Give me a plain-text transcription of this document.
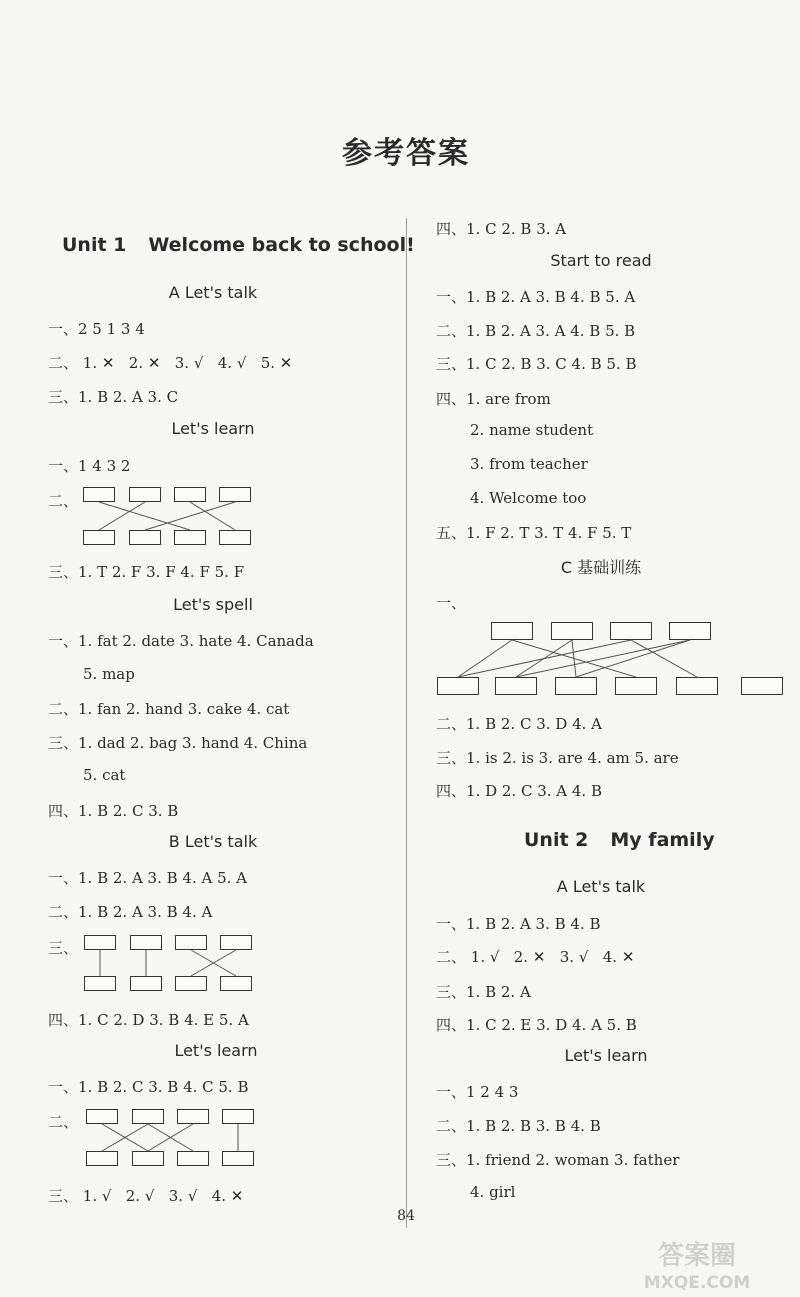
参考答案
Unit 1 Welcome back to school!
A Let's talk
一、2 5 1 3 4
二、 1. ✕ 2. ✕ 3. √ 4. √ 5. ✕
三、1. B 2. A 3. C
Let's learn
一、1 4 3 2
二、
三、1. T 2. F 3. F 4. F 5. F
Let's spell
一、1. fat 2. date 3. hate 4. Canada
5. map
二、1. fan 2. hand 3. cake 4. cat
三、1. dad 2. bag 3. hand 4. China
5. cat
四、1. B 2. C 3. B
B Let's talk
一、1. B 2. A 3. B 4. A 5. A
二、1. B 2. A 3. B 4. A
三、
四、1. C 2. D 3. B 4. E 5. A
Let's learn
一、1. B 2. C 3. B 4. C 5. B
二、
三、 1. √ 2. √ 3. √ 4. ✕
四、1. C 2. B 3. A
Start to read
一、1. B 2. A 3. B 4. B 5. A
二、1. B 2. A 3. A 4. B 5. B
三、1. C 2. B 3. C 4. B 5. B
四、1. are from
2. name student
3. from teacher
4. Welcome too
五、1. F 2. T 3. T 4. F 5. T
C 基础训练
一、
二、1. B 2. C 3. D 4. A
三、1. is 2. is 3. are 4. am 5. are
四、1. D 2. C 3. A 4. B
Unit 2 My family
A Let's talk
一、1. B 2. A 3. B 4. B
二、 1. √ 2. ✕ 3. √ 4. ✕
三、1. B 2. A
四、1. C 2. E 3. D 4. A 5. B
Let's learn
一、1 2 4 3
二、1. B 2. B 3. B 4. B
三、1. friend 2. woman 3. father
4. girl
84
答案圈
MXQE.COM
